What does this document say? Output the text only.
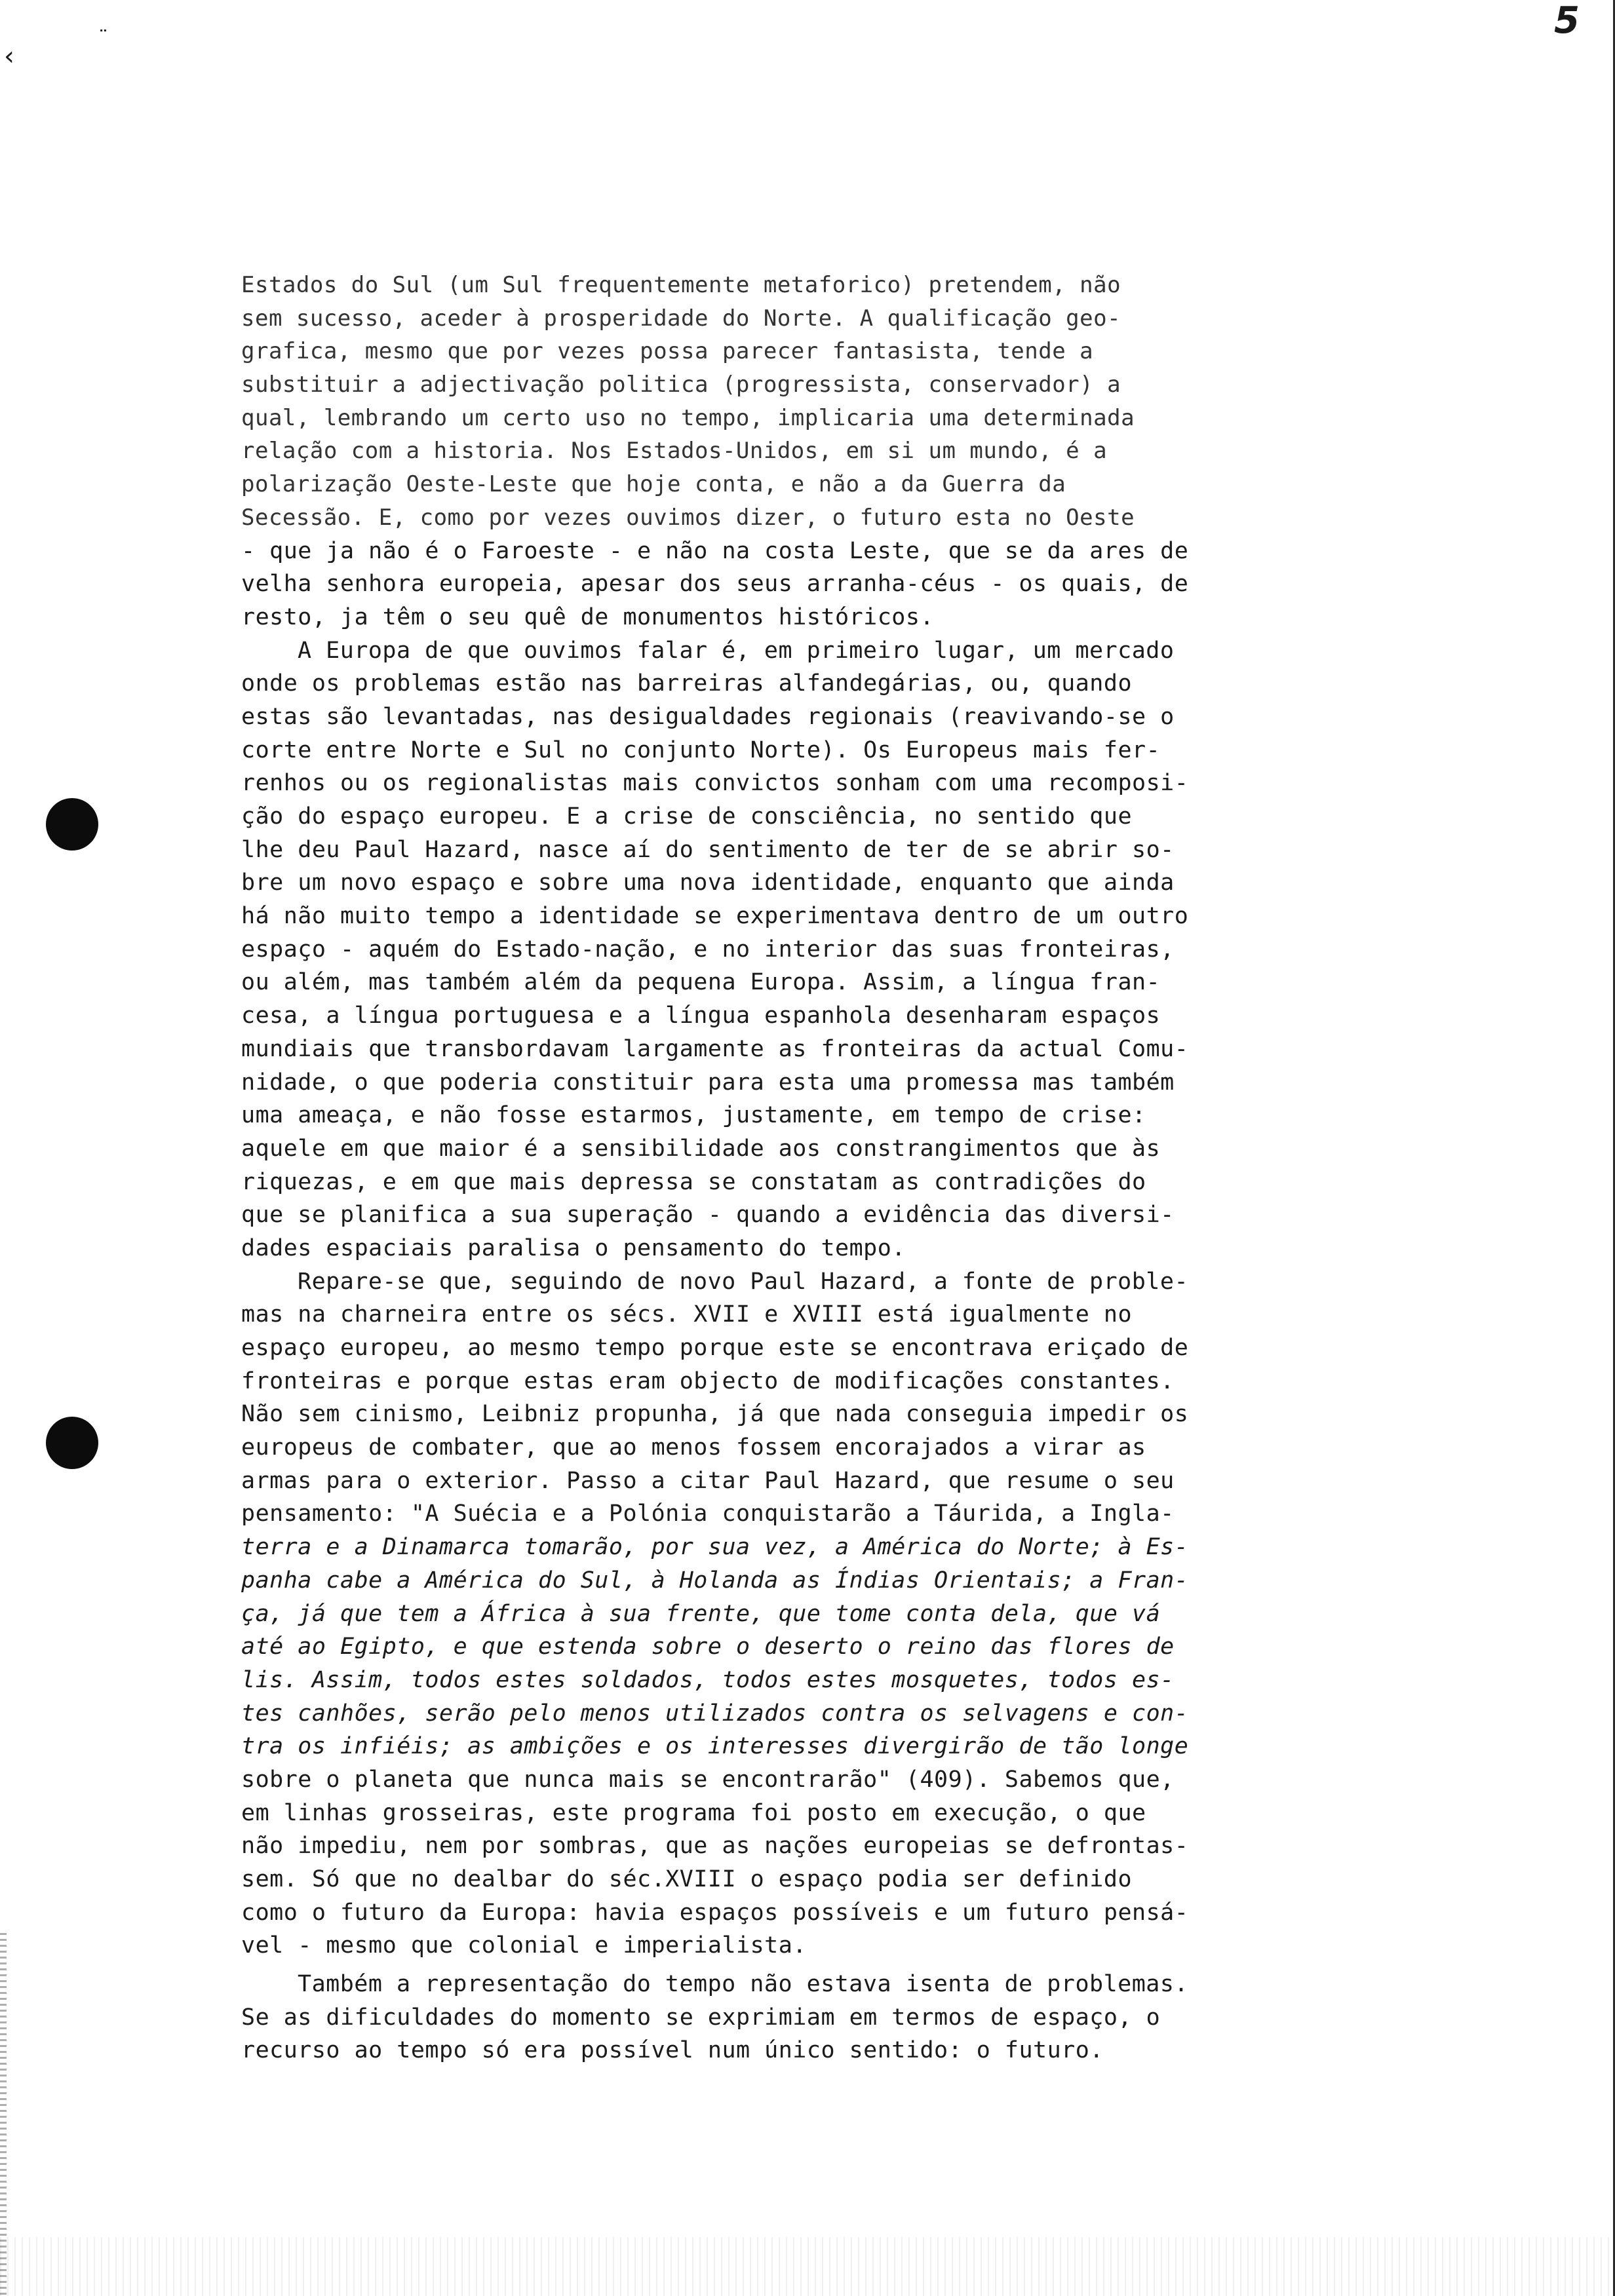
5
‹
¨
Estados do Sul (um Sul frequentemente metaforico) pretendem, não
sem sucesso, aceder à prosperidade do Norte. A qualificação geo-
grafica, mesmo que por vezes possa parecer fantasista, tende a
substituir a adjectivação politica (progressista, conservador) a
qual, lembrando um certo uso no tempo, implicaria uma determinada
relação com a historia. Nos Estados-Unidos, em si um mundo, é a
polarização Oeste-Leste que hoje conta, e não a da Guerra da
Secessão. E, como por vezes ouvimos dizer, o futuro esta no Oeste
- que ja não é o Faroeste - e não na costa Leste, que se da ares de
velha senhora europeia, apesar dos seus arranha-céus - os quais, de
resto, ja têm o seu quê de monumentos históricos.
A Europa de que ouvimos falar é, em primeiro lugar, um mercado
onde os problemas estão nas barreiras alfandegárias, ou, quando
estas são levantadas, nas desigualdades regionais (reavivando-se o
corte entre Norte e Sul no conjunto Norte). Os Europeus mais fer-
renhos ou os regionalistas mais convictos sonham com uma recomposi-
ção do espaço europeu. E a crise de consciência, no sentido que
lhe deu Paul Hazard, nasce aí do sentimento de ter de se abrir so-
bre um novo espaço e sobre uma nova identidade, enquanto que ainda
há não muito tempo a identidade se experimentava dentro de um outro
espaço - aquém do Estado-nação, e no interior das suas fronteiras,
ou além, mas também além da pequena Europa. Assim, a língua fran-
cesa, a língua portuguesa e a língua espanhola desenharam espaços
mundiais que transbordavam largamente as fronteiras da actual Comu-
nidade, o que poderia constituir para esta uma promessa mas também
uma ameaça, e não fosse estarmos, justamente, em tempo de crise:
aquele em que maior é a sensibilidade aos constrangimentos que às
riquezas, e em que mais depressa se constatam as contradições do
que se planifica a sua superação - quando a evidência das diversi-
dades espaciais paralisa o pensamento do tempo.
Repare-se que, seguindo de novo Paul Hazard, a fonte de proble-
mas na charneira entre os sécs. XVII e XVIII está igualmente no
espaço europeu, ao mesmo tempo porque este se encontrava eriçado de
fronteiras e porque estas eram objecto de modificações constantes.
Não sem cinismo, Leibniz propunha, já que nada conseguia impedir os
europeus de combater, que ao menos fossem encorajados a virar as
armas para o exterior. Passo a citar Paul Hazard, que resume o seu
pensamento: "A Suécia e a Polónia conquistarão a Táurida, a Ingla-
terra e a Dinamarca tomarão, por sua vez, a América do Norte; à Es-
panha cabe a América do Sul, à Holanda as Índias Orientais; a Fran-
ça, já que tem a África à sua frente, que tome conta dela, que vá
até ao Egipto, e que estenda sobre o deserto o reino das flores de
lis. Assim, todos estes soldados, todos estes mosquetes, todos es-
tes canhões, serão pelo menos utilizados contra os selvagens e con-
tra os infiéis; as ambições e os interesses divergirão de tão longe
sobre o planeta que nunca mais se encontrarão" (409). Sabemos que,
em linhas grosseiras, este programa foi posto em execução, o que
não impediu, nem por sombras, que as nações europeias se defrontas-
sem. Só que no dealbar do séc.XVIII o espaço podia ser definido
como o futuro da Europa: havia espaços possíveis e um futuro pensá-
vel - mesmo que colonial e imperialista.
Também a representação do tempo não estava isenta de problemas.
Se as dificuldades do momento se exprimiam em termos de espaço, o
recurso ao tempo só era possível num único sentido: o futuro.
